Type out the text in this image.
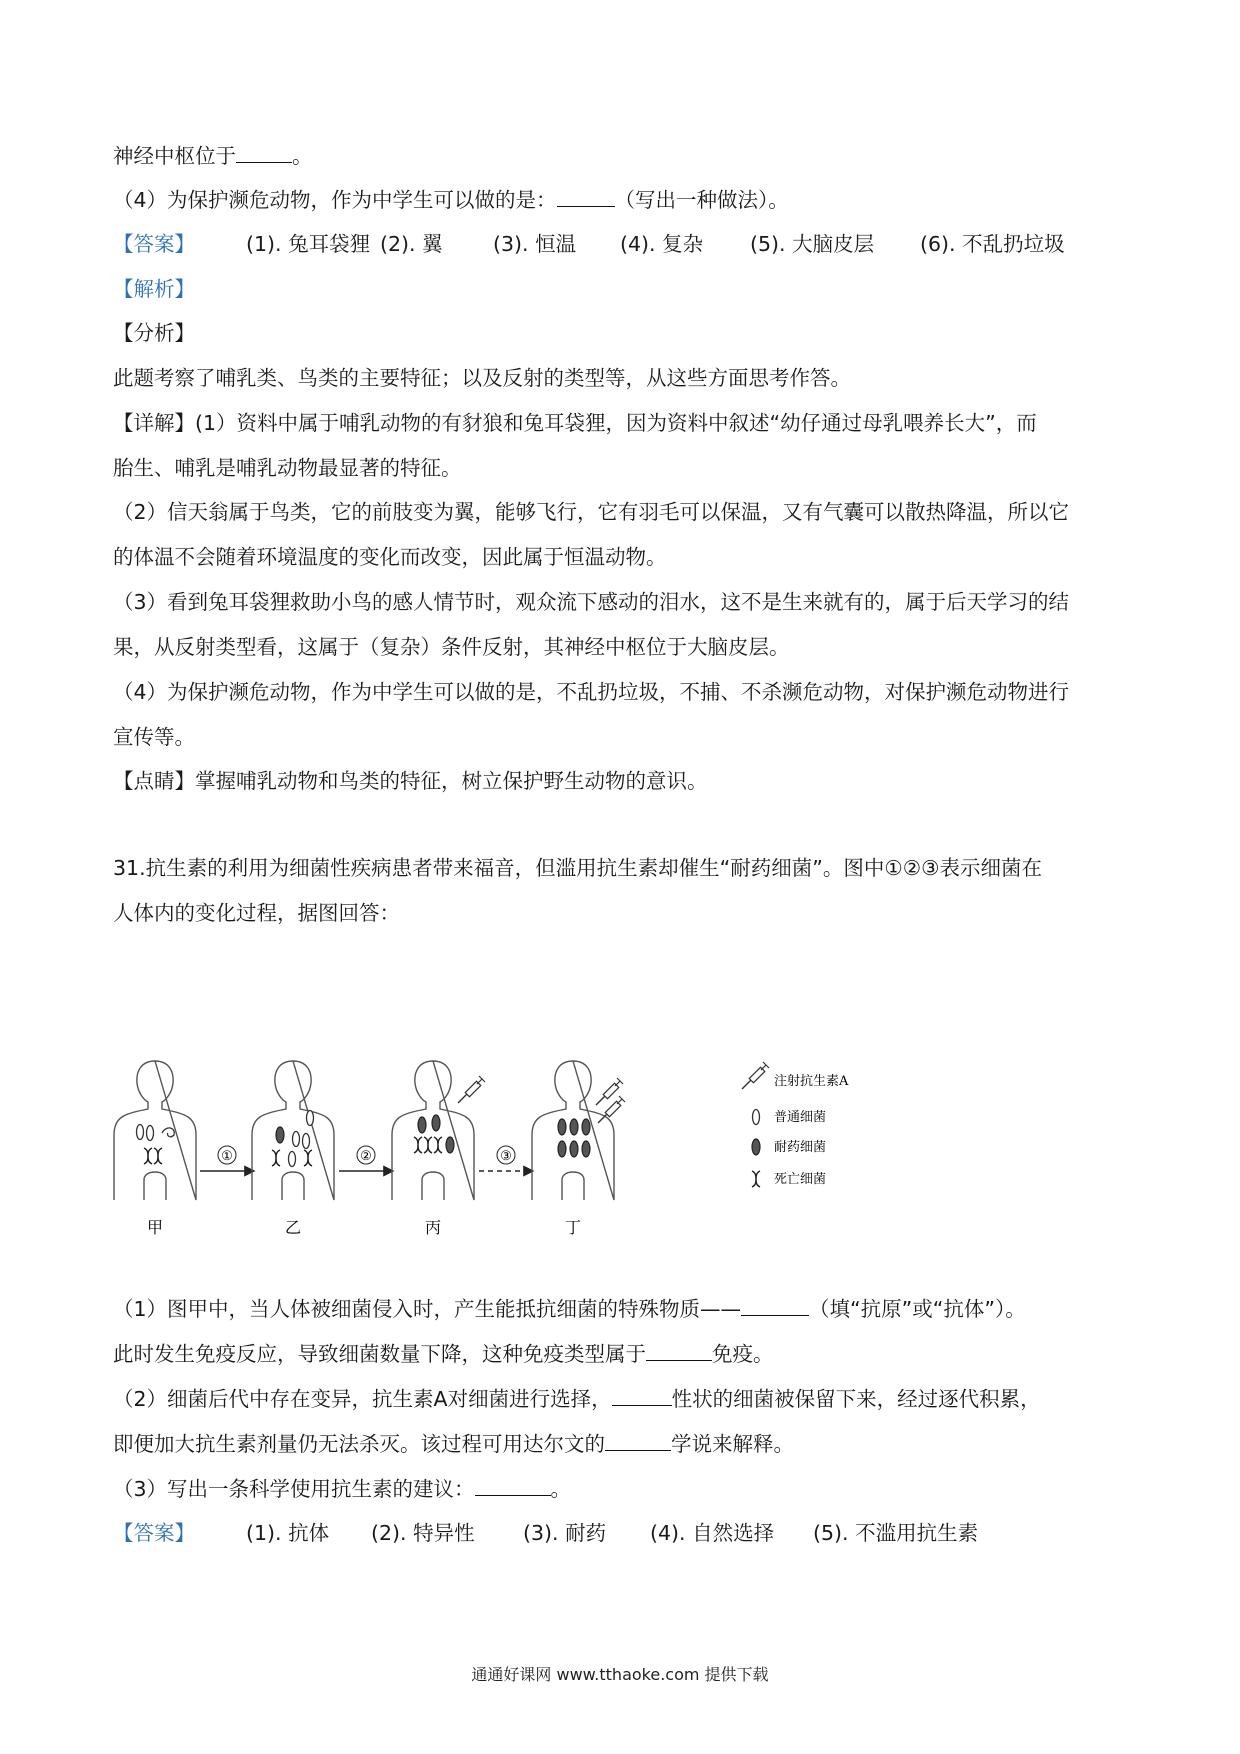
神经中枢位于	。
（4）为保护濒危动物，作为中学生可以做的是：	（写出一种做法）。
【答案】 (1). 兔耳袋狸 (2). 翼 (3). 恒温 (4). 复杂 (5). 大脑皮层 (6). 不乱扔垃圾
【解析】
【分析】
此题考察了哺乳类、鸟类的主要特征；以及反射的类型等，从这些方面思考作答。
【详解】(1）资料中属于哺乳动物的有豺狼和兔耳袋狸，因为资料中叙述“幼仔通过母乳喂养长大”，而
胎生、哺乳是哺乳动物最显著的特征。
（2）信天翁属于鸟类，它的前肢变为翼，能够飞行，它有羽毛可以保温，又有气囊可以散热降温，所以它
的体温不会随着环境温度的变化而改变，因此属于恒温动物。
（3）看到兔耳袋狸救助小鸟的感人情节时，观众流下感动的泪水，这不是生来就有的，属于后天学习的结
果，从反射类型看，这属于（复杂）条件反射，其神经中枢位于大脑皮层。
（4）为保护濒危动物，作为中学生可以做的是，不乱扔垃圾，不捕、不杀濒危动物，对保护濒危动物进行
宣传等。
【点睛】掌握哺乳动物和鸟类的特征，树立保护野生动物的意识。
31.抗生素的利用为细菌性疾病患者带来福音，但滥用抗生素却催生“耐药细菌”。图中①②③表示细菌在
人体内的变化过程，据图回答：
①	②	③
甲	乙	丙	丁
注射抗生素A
普通细菌
耐药细菌
死亡细菌
（1）图甲中，当人体被细菌侵入时，产生能抵抗细菌的特殊物质——	（填“抗原”或“抗体”）。
此时发生免疫反应，导致细菌数量下降，这种免疫类型属于	免疫。
（2）细菌后代中存在变异，抗生素A对细菌进行选择，	性状的细菌被保留下来，经过逐代积累，
即便加大抗生素剂量仍无法杀灭。该过程可用达尔文的	学说来解释。
（3）写出一条科学使用抗生素的建议：	。
【答案】 (1). 抗体 (2). 特异性 (3). 耐药 (4). 自然选择 (5). 不滥用抗生素
通通好课网 www.tthaoke.com 提供下载
